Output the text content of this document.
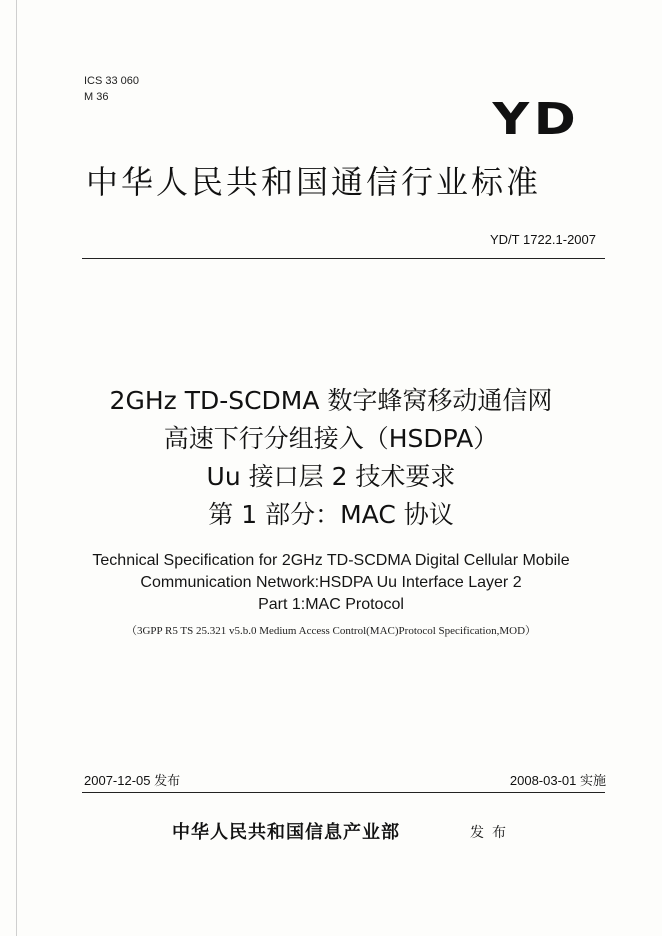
ICS 33 060
M 36	YD
中华人民共和国通信行业标准
YD/T 1722.1-2007
2GHz TD-SCDMA 数字蜂窝移动通信网
高速下行分组接入（HSDPA）
Uu 接口层 2 技术要求
第 1 部分：MAC 协议
Technical Specification for 2GHz TD-SCDMA Digital Cellular Mobile
Communication Network:HSDPA Uu Interface Layer 2
Part 1:MAC Protocol
（3GPP R5 TS 25.321 v5.b.0 Medium Access Control(MAC)Protocol Specification,MOD）
2007-12-05 发布	2008-03-01 实施
中华人民共和国信息产业部	发布
